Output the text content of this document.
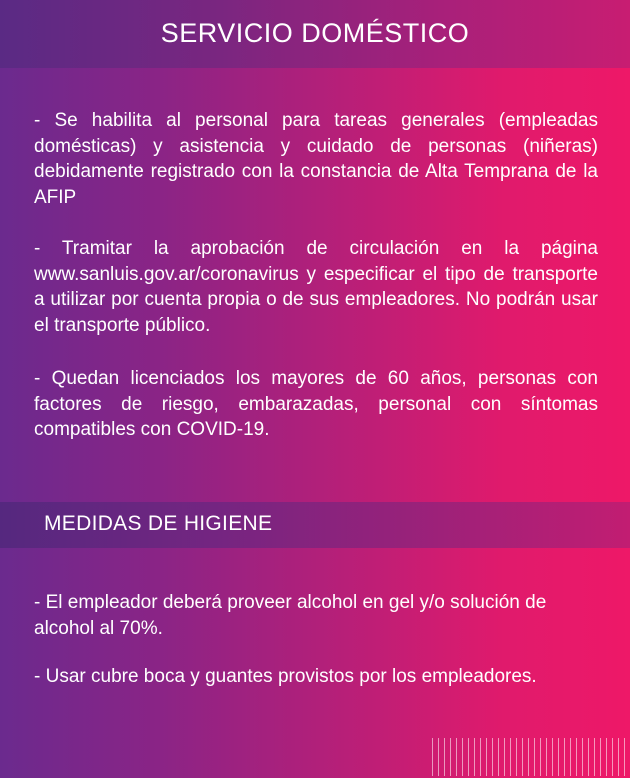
SERVICIO DOMÉSTICO
- Se habilita al personal para tareas generales (empleadas domésticas) y asistencia y cuidado de personas (niñeras) debidamente registrado con la constancia de Alta Temprana de la AFIP
- Tramitar la aprobación de circulación en la página www.sanluis.gov.ar/coronavirus y especificar el tipo de transporte a utilizar por cuenta propia o de sus empleadores. No podrán usar el transporte público.
- Quedan licenciados los mayores de 60 años, personas con factores de riesgo, embarazadas, personal con síntomas compatibles con COVID-19.
MEDIDAS DE HIGIENE
- El empleador deberá proveer alcohol en gel y/o solución de alcohol al 70%.
- Usar cubre boca y guantes provistos por los empleadores.
